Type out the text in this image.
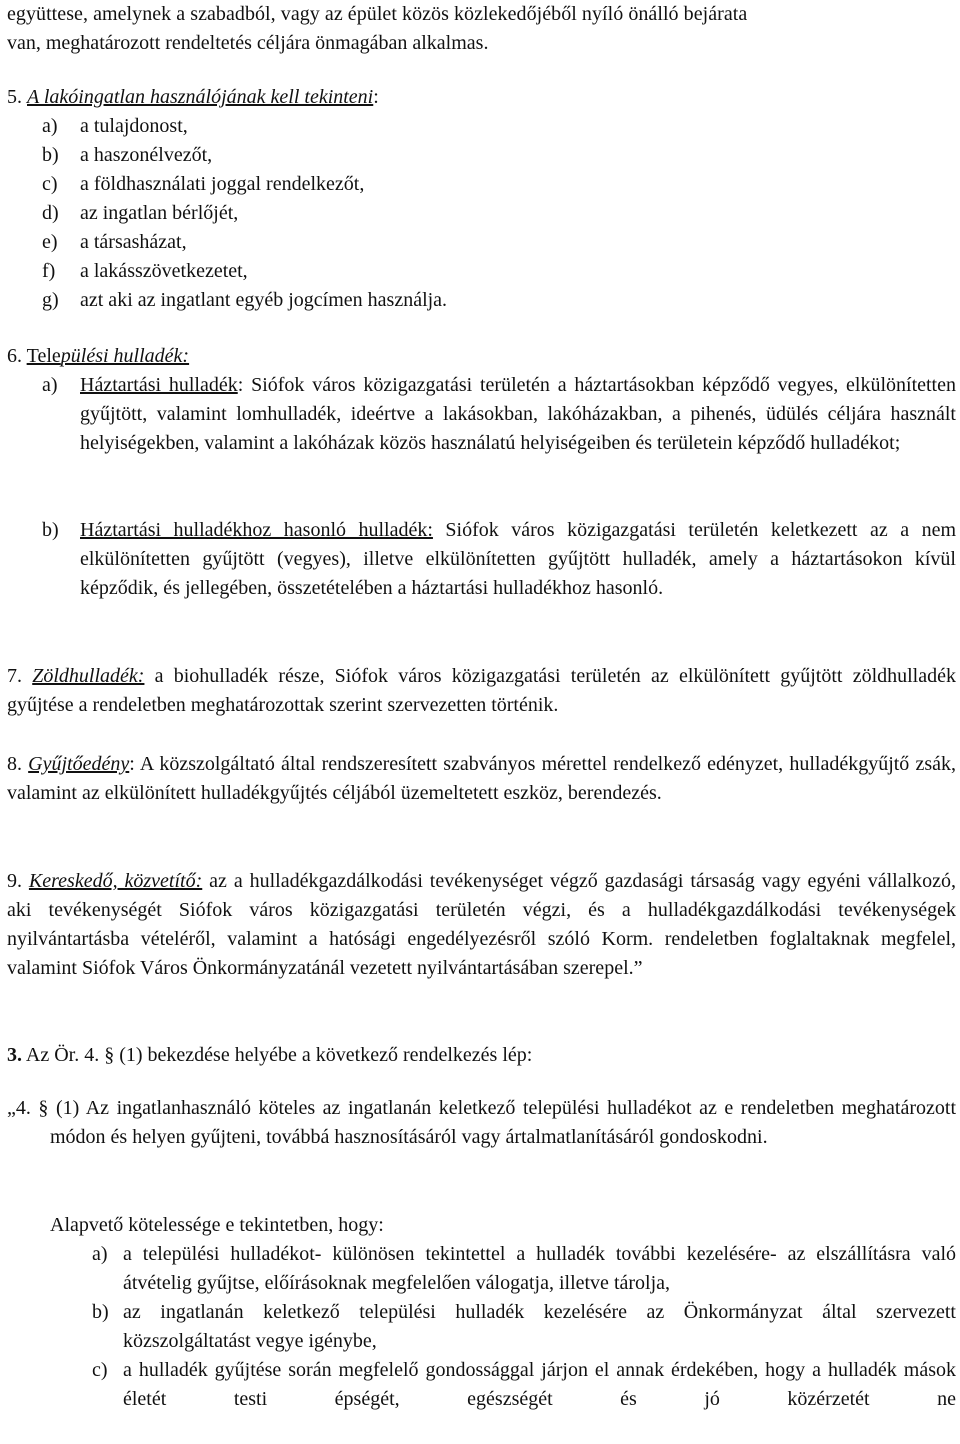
együttese, amelynek a szabadból, vagy az épület közös közlekedőjéből nyíló önálló bejárata
van, meghatározott rendeltetés céljára önmagában alkalmas.
5. A lakóingatlan használójának kell tekinteni:
a) a tulajdonost,
b) a haszonélvezőt,
c) a földhasználati joggal rendelkezőt,
d) az ingatlan bérlőjét,
e) a társasházat,
f) a lakásszövetkezetet,
g) azt aki az ingatlant egyéb jogcímen használja.
6. Települési hulladék:
a) Háztartási hulladék: Siófok város közigazgatási területén a háztartásokban képződő vegyes, elkülönítetten gyűjtött, valamint lomhulladék, ideértve a lakásokban, lakóházakban, a pihenés, üdülés céljára használt helyiségekben, valamint a lakóházak közös használatú helyiségeiben és területein képződő hulladékot;
b) Háztartási hulladékhoz hasonló hulladék: Siófok város közigazgatási területén keletkezett az a nem elkülönítetten gyűjtött (vegyes), illetve elkülönítetten gyűjtött hulladék, amely a háztartásokon kívül képződik, és jellegében, összetételében a háztartási hulladékhoz hasonló.
7. Zöldhulladék: a biohulladék része, Siófok város közigazgatási területén az elkülönített gyűjtött zöldhulladék gyűjtése a rendeletben meghatározottak szerint szervezetten történik.
8. Gyűjtőedény: A közszolgáltató által rendszeresített szabványos mérettel rendelkező edényzet, hulladékgyűjtő zsák, valamint az elkülönített hulladékgyűjtés céljából üzemeltetett eszköz, berendezés.
9. Kereskedő, közvetítő: az a hulladékgazdálkodási tevékenységet végző gazdasági társaság vagy egyéni vállalkozó, aki tevékenységét Siófok város közigazgatási területén végzi, és a hulladékgazdálkodási tevékenységek nyilvántartásba vételéről, valamint a hatósági engedélyezésről szóló Korm. rendeletben foglaltaknak megfelel, valamint Siófok Város Önkormányzatánál vezetett nyilvántartásában szerepel.”
3. Az Ör. 4. § (1) bekezdése helyébe a következő rendelkezés lép:
„4. § (1) Az ingatlanhasználó köteles az ingatlanán keletkező települési hulladékot az e rendeletben meghatározott módon és helyen gyűjteni, továbbá hasznosításáról vagy ártalmatlanításáról gondoskodni.
Alapvető kötelessége e tekintetben, hogy:
a) a települési hulladékot- különösen tekintettel a hulladék további kezelésére- az elszállításra való átvételig gyűjtse, előírásoknak megfelelően válogatja, illetve tárolja,
b) az ingatlanán keletkező települési hulladék kezelésére az Önkormányzat által szervezett közszolgáltatást vegye igénybe,
c) a hulladék gyűjtése során megfelelő gondossággal járjon el annak érdekében, hogy a hulladék mások életét testi épségét, egészségét és jó közérzetét ne
